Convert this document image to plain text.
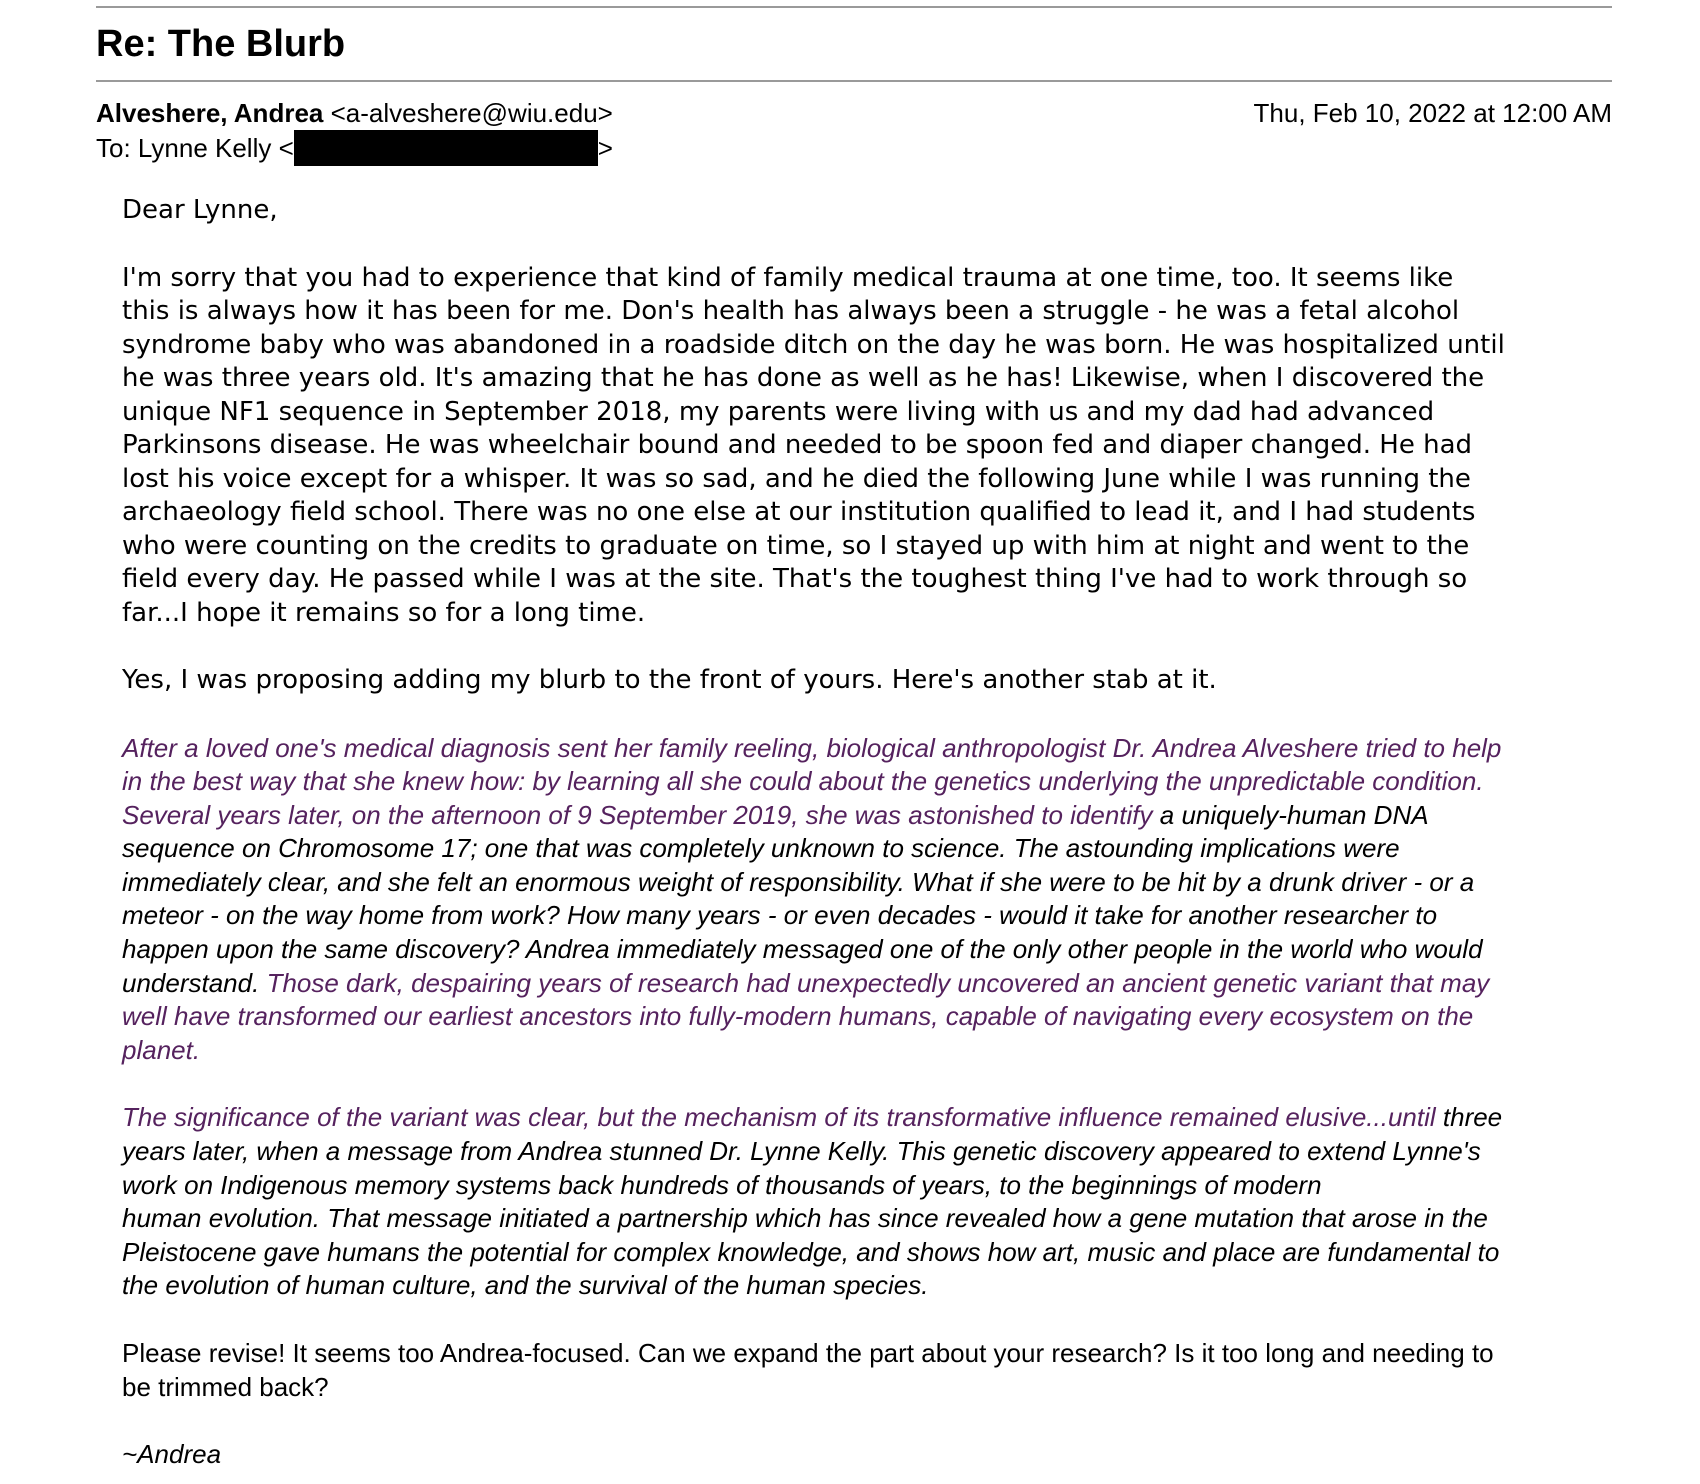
Re: The Blurb
Alveshere, Andrea <a-alveshere@wiu.edu>	Thu, Feb 10, 2022 at 12:00 AM
To: Lynne Kelly <	>

Dear Lynne,

I'm sorry that you had to experience that kind of family medical trauma at one time, too. It seems like
this is always how it has been for me. Don's health has always been a struggle - he was a fetal alcohol
syndrome baby who was abandoned in a roadside ditch on the day he was born. He was hospitalized until
he was three years old. It's amazing that he has done as well as he has! Likewise, when I discovered the
unique NF1 sequence in September 2018, my parents were living with us and my dad had advanced
Parkinsons disease. He was wheelchair bound and needed to be spoon fed and diaper changed. He had
lost his voice except for a whisper. It was so sad, and he died the following June while I was running the
archaeology field school. There was no one else at our institution qualified to lead it, and I had students
who were counting on the credits to graduate on time, so I stayed up with him at night and went to the
field every day. He passed while I was at the site. That's the toughest thing I've had to work through so
far...I hope it remains so for a long time.

Yes, I was proposing adding my blurb to the front of yours. Here's another stab at it.

After a loved one's medical diagnosis sent her family reeling, biological anthropologist Dr. Andrea Alveshere tried to help
in the best way that she knew how: by learning all she could about the genetics underlying the unpredictable condition.
Several years later, on the afternoon of 9 September 2019, she was astonished to identify a uniquely-human DNA
sequence on Chromosome 17; one that was completely unknown to science. The astounding implications were
immediately clear, and she felt an enormous weight of responsibility. What if she were to be hit by a drunk driver - or a
meteor - on the way home from work? How many years - or even decades - would it take for another researcher to
happen upon the same discovery? Andrea immediately messaged one of the only other people in the world who would
understand. Those dark, despairing years of research had unexpectedly uncovered an ancient genetic variant that may
well have transformed our earliest ancestors into fully-modern humans, capable of navigating every ecosystem on the
planet.

The significance of the variant was clear, but the mechanism of its transformative influence remained elusive...until three
years later, when a message from Andrea stunned Dr. Lynne Kelly. This genetic discovery appeared to extend Lynne's
work on Indigenous memory systems back hundreds of thousands of years, to the beginnings of modern
human evolution. That message initiated a partnership which has since revealed how a gene mutation that arose in the
Pleistocene gave humans the potential for complex knowledge, and shows how art, music and place are fundamental to
the evolution of human culture, and the survival of the human species.

Please revise! It seems too Andrea-focused. Can we expand the part about your research? Is it too long and needing to
be trimmed back?

~Andrea
